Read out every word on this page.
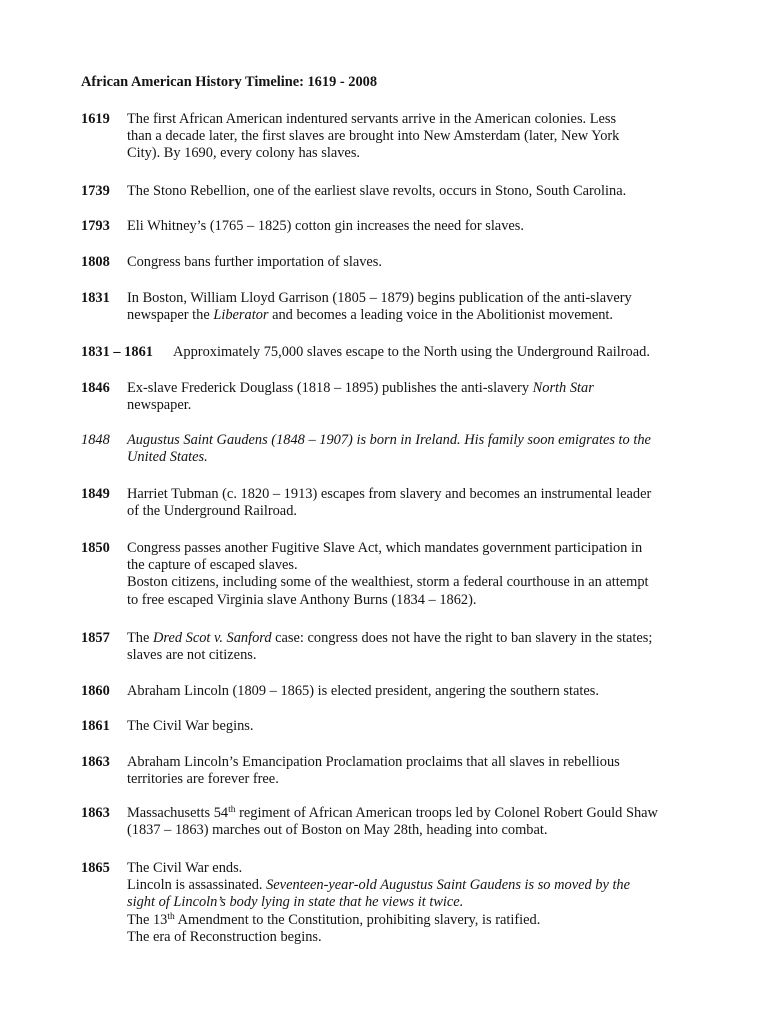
African American History Timeline: 1619 - 2008
1619 The first African American indentured servants arrive in the American colonies. Less
than a decade later, the first slaves are brought into New Amsterdam (later, New York
City). By 1690, every colony has slaves.
1739 The Stono Rebellion, one of the earliest slave revolts, occurs in Stono, South Carolina.
1793 Eli Whitney’s (1765 – 1825) cotton gin increases the need for slaves.
1808 Congress bans further importation of slaves.
1831 In Boston, William Lloyd Garrison (1805 – 1879) begins publication of the anti-slavery
newspaper the Liberator and becomes a leading voice in the Abolitionist movement.
1831 – 1861 Approximately 75,000 slaves escape to the North using the Underground Railroad.
1846 Ex-slave Frederick Douglass (1818 – 1895) publishes the anti-slavery North Star
newspaper.
1848 Augustus Saint Gaudens (1848 – 1907) is born in Ireland. His family soon emigrates to the
United States.
1849 Harriet Tubman (c. 1820 – 1913) escapes from slavery and becomes an instrumental leader
of the Underground Railroad.
1850 Congress passes another Fugitive Slave Act, which mandates government participation in
the capture of escaped slaves.
Boston citizens, including some of the wealthiest, storm a federal courthouse in an attempt
to free escaped Virginia slave Anthony Burns (1834 – 1862).
1857 The Dred Scot v. Sanford case: congress does not have the right to ban slavery in the states;
slaves are not citizens.
1860 Abraham Lincoln (1809 – 1865) is elected president, angering the southern states.
1861 The Civil War begins.
1863 Abraham Lincoln’s Emancipation Proclamation proclaims that all slaves in rebellious
territories are forever free.
1863 Massachusetts 54th regiment of African American troops led by Colonel Robert Gould Shaw
(1837 – 1863) marches out of Boston on May 28th, heading into combat.
1865 The Civil War ends.
Lincoln is assassinated. Seventeen-year-old Augustus Saint Gaudens is so moved by the
sight of Lincoln’s body lying in state that he views it twice.
The 13th Amendment to the Constitution, prohibiting slavery, is ratified.
The era of Reconstruction begins.
